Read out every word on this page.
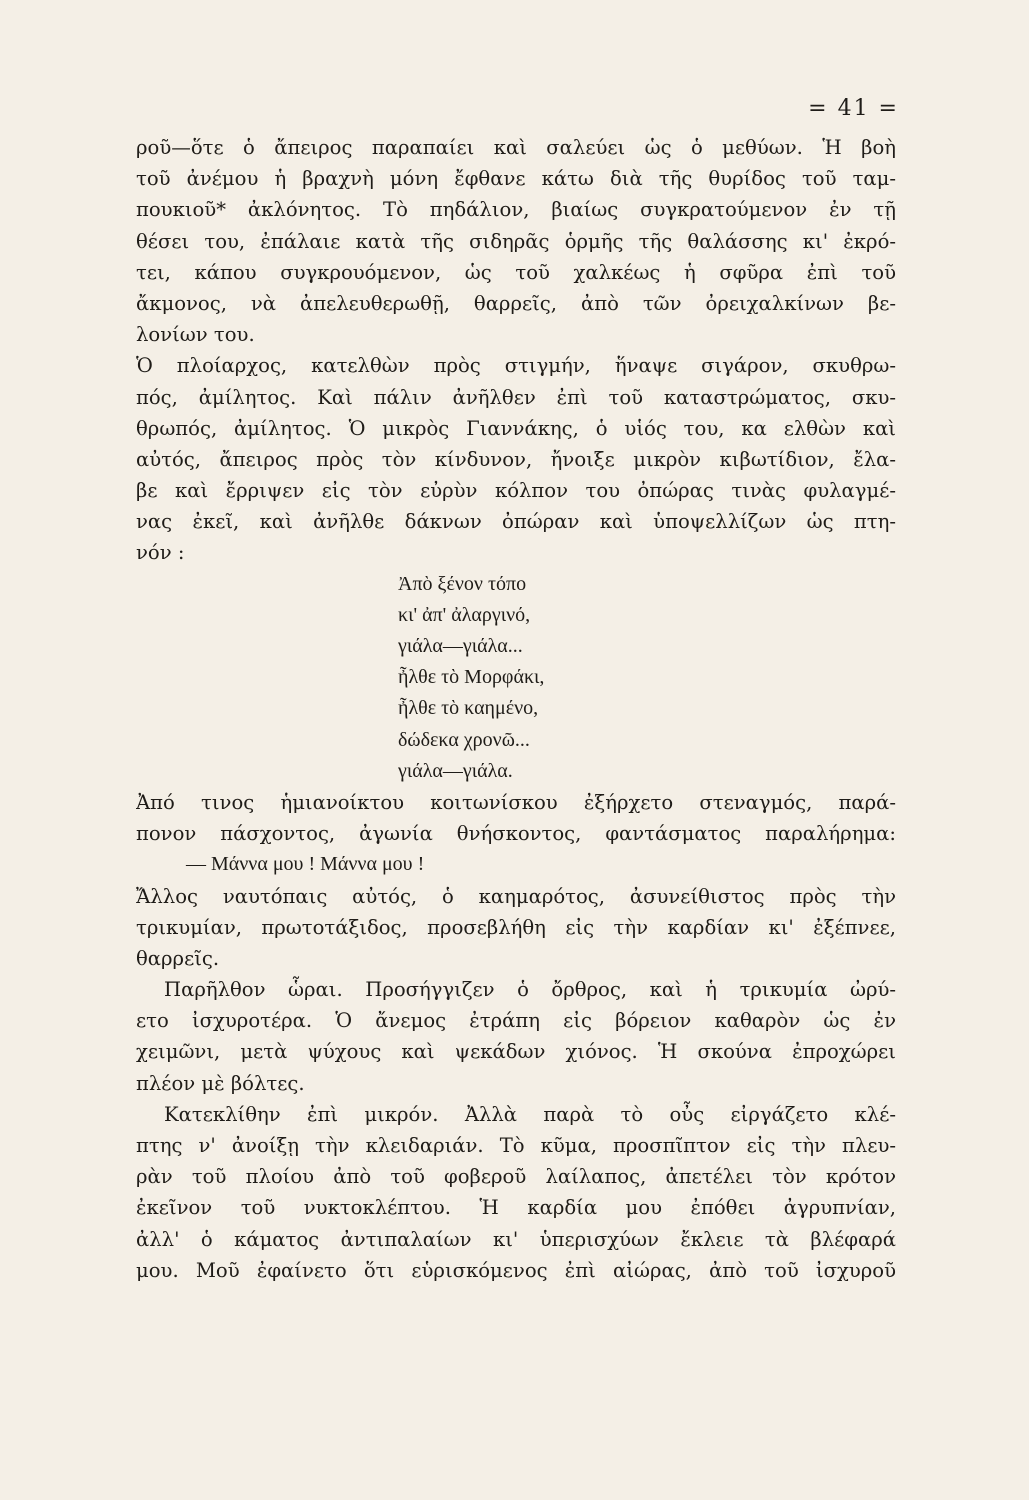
= 41 =
ροῦ—ὅτε ὁ ἄπειρος παραπαίει καὶ σαλεύει ὡς ὁ μεθύων. Ἡ βοὴ
τοῦ ἀνέμου ἡ βραχνὴ μόνη ἔφθανε κάτω διὰ τῆς θυρίδος τοῦ ταμ-
πουκιοῦ* ἀκλόνητος. Τὸ πηδάλιον, βιαίως συγκρατούμενον ἐν τῇ
θέσει του, ἐπάλαιε κατὰ τῆς σιδηρᾶς ὁρμῆς τῆς θαλάσσης κι' ἐκρό-
τει, κάπου συγκρουόμενον, ὡς τοῦ χαλκέως ἡ σφῦρα ἐπὶ τοῦ
ἄκμονος, νὰ ἀπελευθερωθῇ, θαρρεῖς, ἀπὸ τῶν ὀρειχαλκίνων βε-
λονίων του.
Ὁ πλοίαρχος, κατελθὼν πρὸς στιγμήν, ἥναψε σιγάρον, σκυθρω-
πός, ἀμίλητος. Καὶ πάλιν ἀνῆλθεν ἐπὶ τοῦ καταστρώματος, σκυ-
θρωπός, ἀμίλητος. Ὁ μικρὸς Γιαννάκης, ὁ υἱός του, κα ελθὼν καὶ
αὐτός, ἄπειρος πρὸς τὸν κίνδυνον, ἤνοιξε μικρὸν κιβωτίδιον, ἔλα-
βε καὶ ἔρριψεν εἰς τὸν εὐρὺν κόλπον του ὀπώρας τινὰς φυλαγμέ-
νας ἐκεῖ, καὶ ἀνῆλθε δάκνων ὀπώραν καὶ ὑποψελλίζων ὡς πτη-
νόν :
Ἀπὸ ξένον τόπο
κι' ἀπ' ἀλαργινό,
γιάλα—γιάλα...
ἦλθε τὸ Μορφάκι,
ἦλθε τὸ καημένο,
δώδεκα χρονῶ...
γιάλα—γιάλα.
Ἀπό τινος ἡμιανοίκτου κοιτωνίσκου ἐξήρχετο στεναγμός, παρά-
πονον πάσχοντος, ἀγωνία θνήσκοντος, φαντάσματος παραλήρημα:
— Μάννα μου ! Μάννα μου !
Ἄλλος ναυτόπαις αὐτός, ὁ καημαρότος, ἀσυνείθιστος πρὸς τὴν
τρικυμίαν, πρωτοτάξιδος, προσεβλήθη εἰς τὴν καρδίαν κι' ἐξέπνεε,
θαρρεῖς.
Παρῆλθον ὧραι. Προσήγγιζεν ὁ ὄρθρος, καὶ ἡ τρικυμία ὠρύ-
ετο ἰσχυροτέρα. Ὁ ἄνεμος ἐτράπη εἰς βόρειον καθαρὸν ὡς ἐν
χειμῶνι, μετὰ ψύχους καὶ ψεκάδων χιόνος. Ἡ σκούνα ἐπροχώρει
πλέον μὲ βόλτες.
Κατεκλίθην ἐπὶ μικρόν. Ἀλλὰ παρὰ τὸ οὖς εἰργάζετο κλέ-
πτης ν' ἀνοίξῃ τὴν κλειδαριάν. Τὸ κῦμα, προσπῖπτον εἰς τὴν πλευ-
ρὰν τοῦ πλοίου ἀπὸ τοῦ φοβεροῦ λαίλαπος, ἀπετέλει τὸν κρότον
ἐκεῖνον τοῦ νυκτοκλέπτου. Ἡ καρδία μου ἐπόθει ἀγρυπνίαν,
ἀλλ' ὁ κάματος ἀντιπαλαίων κι' ὑπερισχύων ἔκλειε τὰ βλέφαρά
μου. Μοῦ ἐφαίνετο ὅτι εὑρισκόμενος ἐπὶ αἰώρας, ἀπὸ τοῦ ἰσχυροῦ
